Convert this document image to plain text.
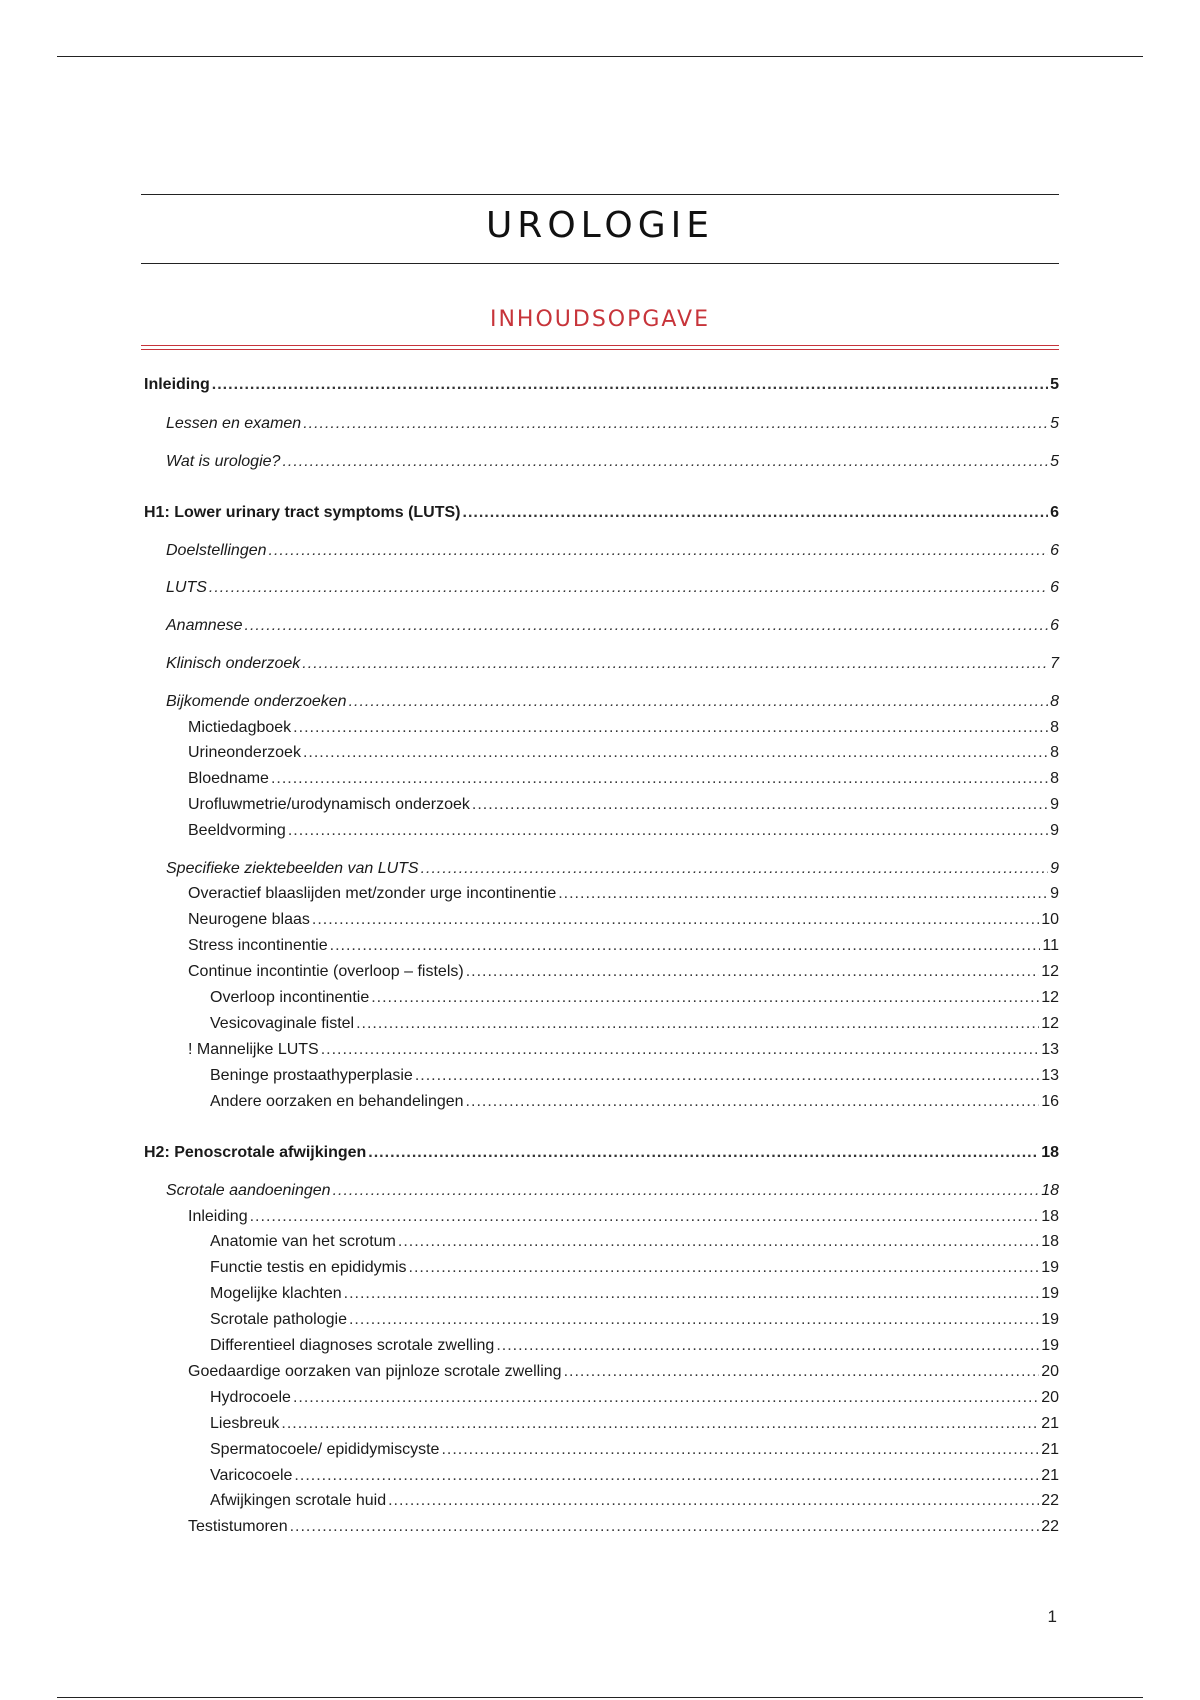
UROLOGIE
INHOUDSOPGAVE
Inleiding .....	5
Lessen en examen .....	5
Wat is urologie? .....	5
H1: Lower urinary tract symptoms (LUTS) .....	6
Doelstellingen .....	6
LUTS .....	6
Anamnese .....	6
Klinisch onderzoek .....	7
Bijkomende onderzoeken .....	8
Mictiedagboek .....	8
Urineonderzoek .....	8
Bloedname .....	8
Urofluwmetrie/urodynamisch onderzoek .....	9
Beeldvorming .....	9
Specifieke ziektebeelden van LUTS .....	9
Overactief blaaslijden met/zonder urge incontinentie .....	9
Neurogene blaas .....	10
Stress incontinentie .....	11
Continue incontintie (overloop – fistels) .....	12
Overloop incontinentie .....	12
Vesicovaginale fistel .....	12
! Mannelijke LUTS .....	13
Beninge prostaathyperplasie .....	13
Andere oorzaken en behandelingen .....	16
H2: Penoscrotale afwijkingen .....	18
Scrotale aandoeningen .....	18
Inleiding .....	18
Anatomie van het scrotum .....	18
Functie testis en epididymis .....	19
Mogelijke klachten .....	19
Scrotale pathologie .....	19
Differentieel diagnoses scrotale zwelling .....	19
Goedaardige oorzaken van pijnloze scrotale zwelling .....	20
Hydrocoele .....	20
Liesbreuk .....	21
Spermatocoele/ epididymiscyste .....	21
Varicocoele .....	21
Afwijkingen scrotale huid .....	22
Testistumoren .....	22
1
